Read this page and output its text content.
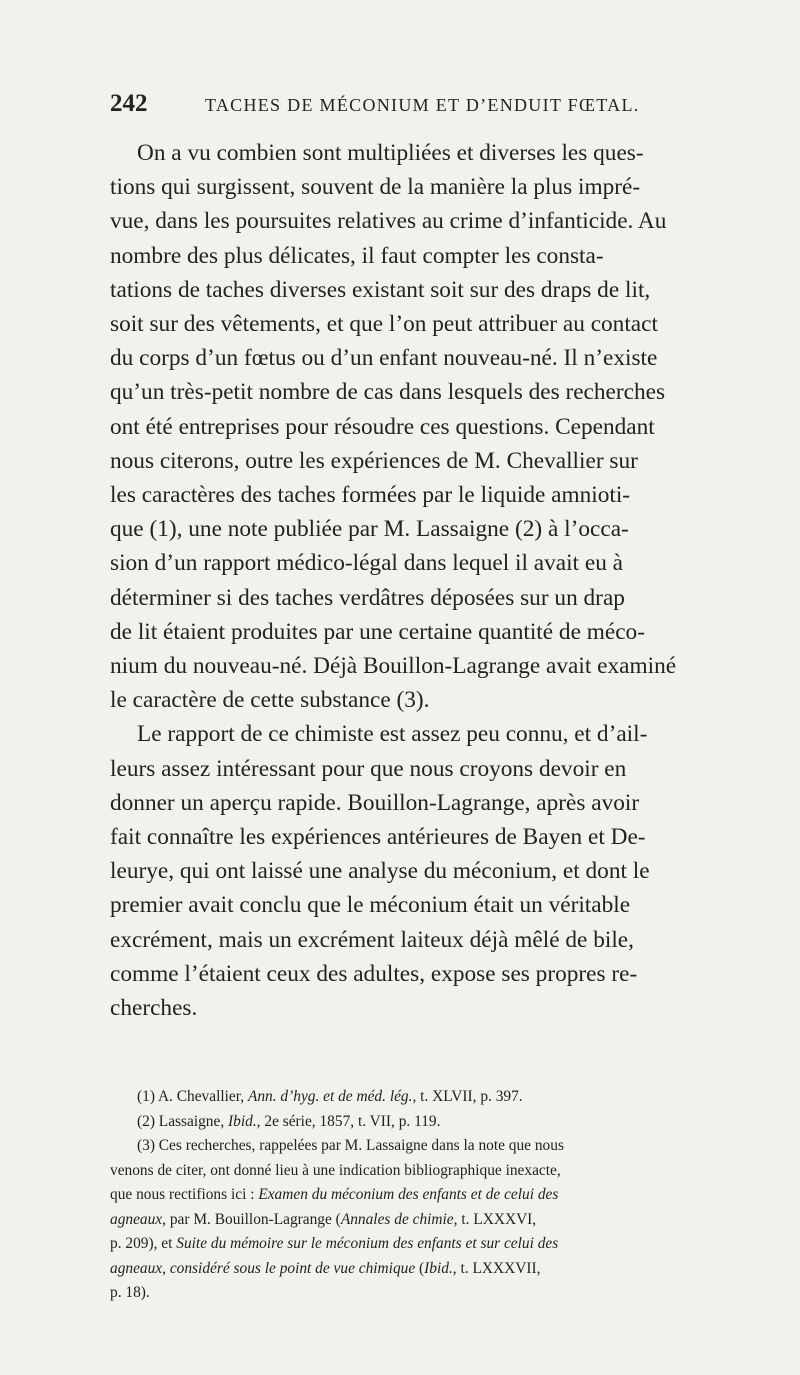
242	TACHES DE MÉCONIUM ET D’ENDUIT FŒTAL.

On a vu combien sont multipliées et diverses les ques-
tions qui surgissent, souvent de la manière la plus impré-
vue, dans les poursuites relatives au crime d’infanticide. Au
nombre des plus délicates, il faut compter les consta-
tations de taches diverses existant soit sur des draps de lit,
soit sur des vêtements, et que l’on peut attribuer au contact
du corps d’un fœtus ou d’un enfant nouveau-né. Il n’existe
qu’un très-petit nombre de cas dans lesquels des recherches
ont été entreprises pour résoudre ces questions. Cependant
nous citerons, outre les expériences de M. Chevallier sur
les caractères des taches formées par le liquide amnioti-
que (1), une note publiée par M. Lassaigne (2) à l’occa-
sion d’un rapport médico-légal dans lequel il avait eu à
déterminer si des taches verdâtres déposées sur un drap
de lit étaient produites par une certaine quantité de méco-
nium du nouveau-né. Déjà Bouillon-Lagrange avait examiné
le caractère de cette substance (3).
Le rapport de ce chimiste est assez peu connu, et d’ail-
leurs assez intéressant pour que nous croyons devoir en
donner un aperçu rapide. Bouillon-Lagrange, après avoir
fait connaître les expériences antérieures de Bayen et De-
leurye, qui ont laissé une analyse du méconium, et dont le
premier avait conclu que le méconium était un véritable
excrément, mais un excrément laiteux déjà mêlé de bile,
comme l’étaient ceux des adultes, expose ses propres re-
cherches.

(1) A. Chevallier, Ann. d’hyg. et de méd. lég., t. XLVII, p. 397.

(2) Lassaigne, Ibid., 2e série, 1857, t. VII, p. 119.

(3) Ces recherches, rappelées par M. Lassaigne dans la note que nous
venons de citer, ont donné lieu à une indication bibliographique inexacte,
que nous rectifions ici : Examen du méconium des enfants et de celui des
agneaux, par M. Bouillon-Lagrange (Annales de chimie, t. LXXXVI,
p. 209), et Suite du mémoire sur le méconium des enfants et sur celui des
agneaux, considéré sous le point de vue chimique (Ibid., t. LXXXVII,
p. 18).
